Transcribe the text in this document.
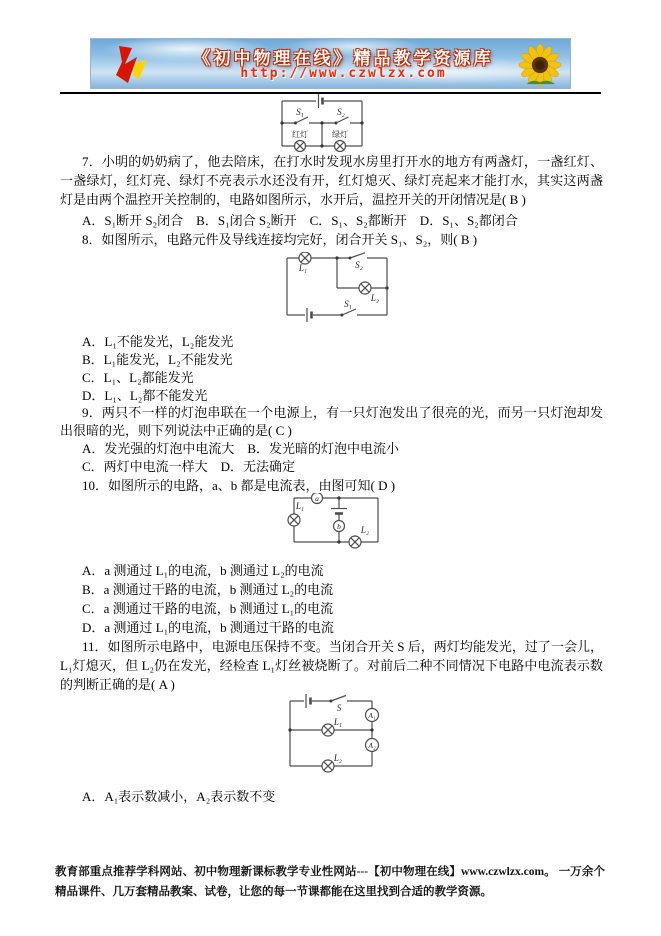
《初中物理在线》精品教学资源库
http://www.czwlzx.com
S₁	S₂
红灯	绿灯

7．小明的奶奶病了，他去陪床，在打水时发现水房里打开水的地方有两盏灯，一盏红灯、一盏绿灯，红灯亮、绿灯不亮表示水还没有开，红灯熄灭、绿灯亮起来才能打水，其实这两盏灯是由两个温控开关控制的，电路如图所示，水开后，温控开关的开闭情况是( B )

A．S₁断开 S₂闭合　B．S₁闭合 S₂断开　C．S₁、S₂都断开　D．S₁、S₂都闭合

8．如图所示，电路元件及导线连接均完好，闭合开关 S₁、S₂，则( B )

L₁	S₂
L₂
S₁
A．L₁不能发光，L₂能发光
B．L₁能发光，L₂不能发光
C．L₁、L₂都能发光
D．L₁、L₂都不能发光

9．两只不一样的灯泡串联在一个电源上，有一只灯泡发出了很亮的光，而另一只灯泡却发出很暗的光，则下列说法中正确的是( C )

A．发光强的灯泡中电流大　B．发光暗的灯泡中电流小
C．两灯中电流一样大　D．无法确定

10．如图所示的电路，a、b 都是电流表，由图可知( D )

a
b
L₁
L₂
A．a 测通过 L₁的电流，b 测通过 L₂的电流
B．a 测通过干路的电流，b 测通过 L₂的电流
C．a 测通过干路的电流，b 测通过 L₁的电流
D．a 测通过 L₁的电流，b 测通过干路的电流

11．如图所示电路中，电源电压保持不变。当闭合开关 S 后，两灯均能发光，过了一会儿，L₁灯熄灭，但 L₂仍在发光，经检查 L₁灯丝被烧断了。对前后二种不同情况下电路中电流表示数的判断正确的是( A )

A₁
A₂
S
L₁
L₂
A．A₁表示数减小，A₂表示数不变

教育部重点推荐学科网站、初中物理新课标教学专业性网站---【初中物理在线】www.czwlzx.com。 一万余个精品课件、几万套精品教案、试卷，让您的每一节课都能在这里找到合适的教学资源。
